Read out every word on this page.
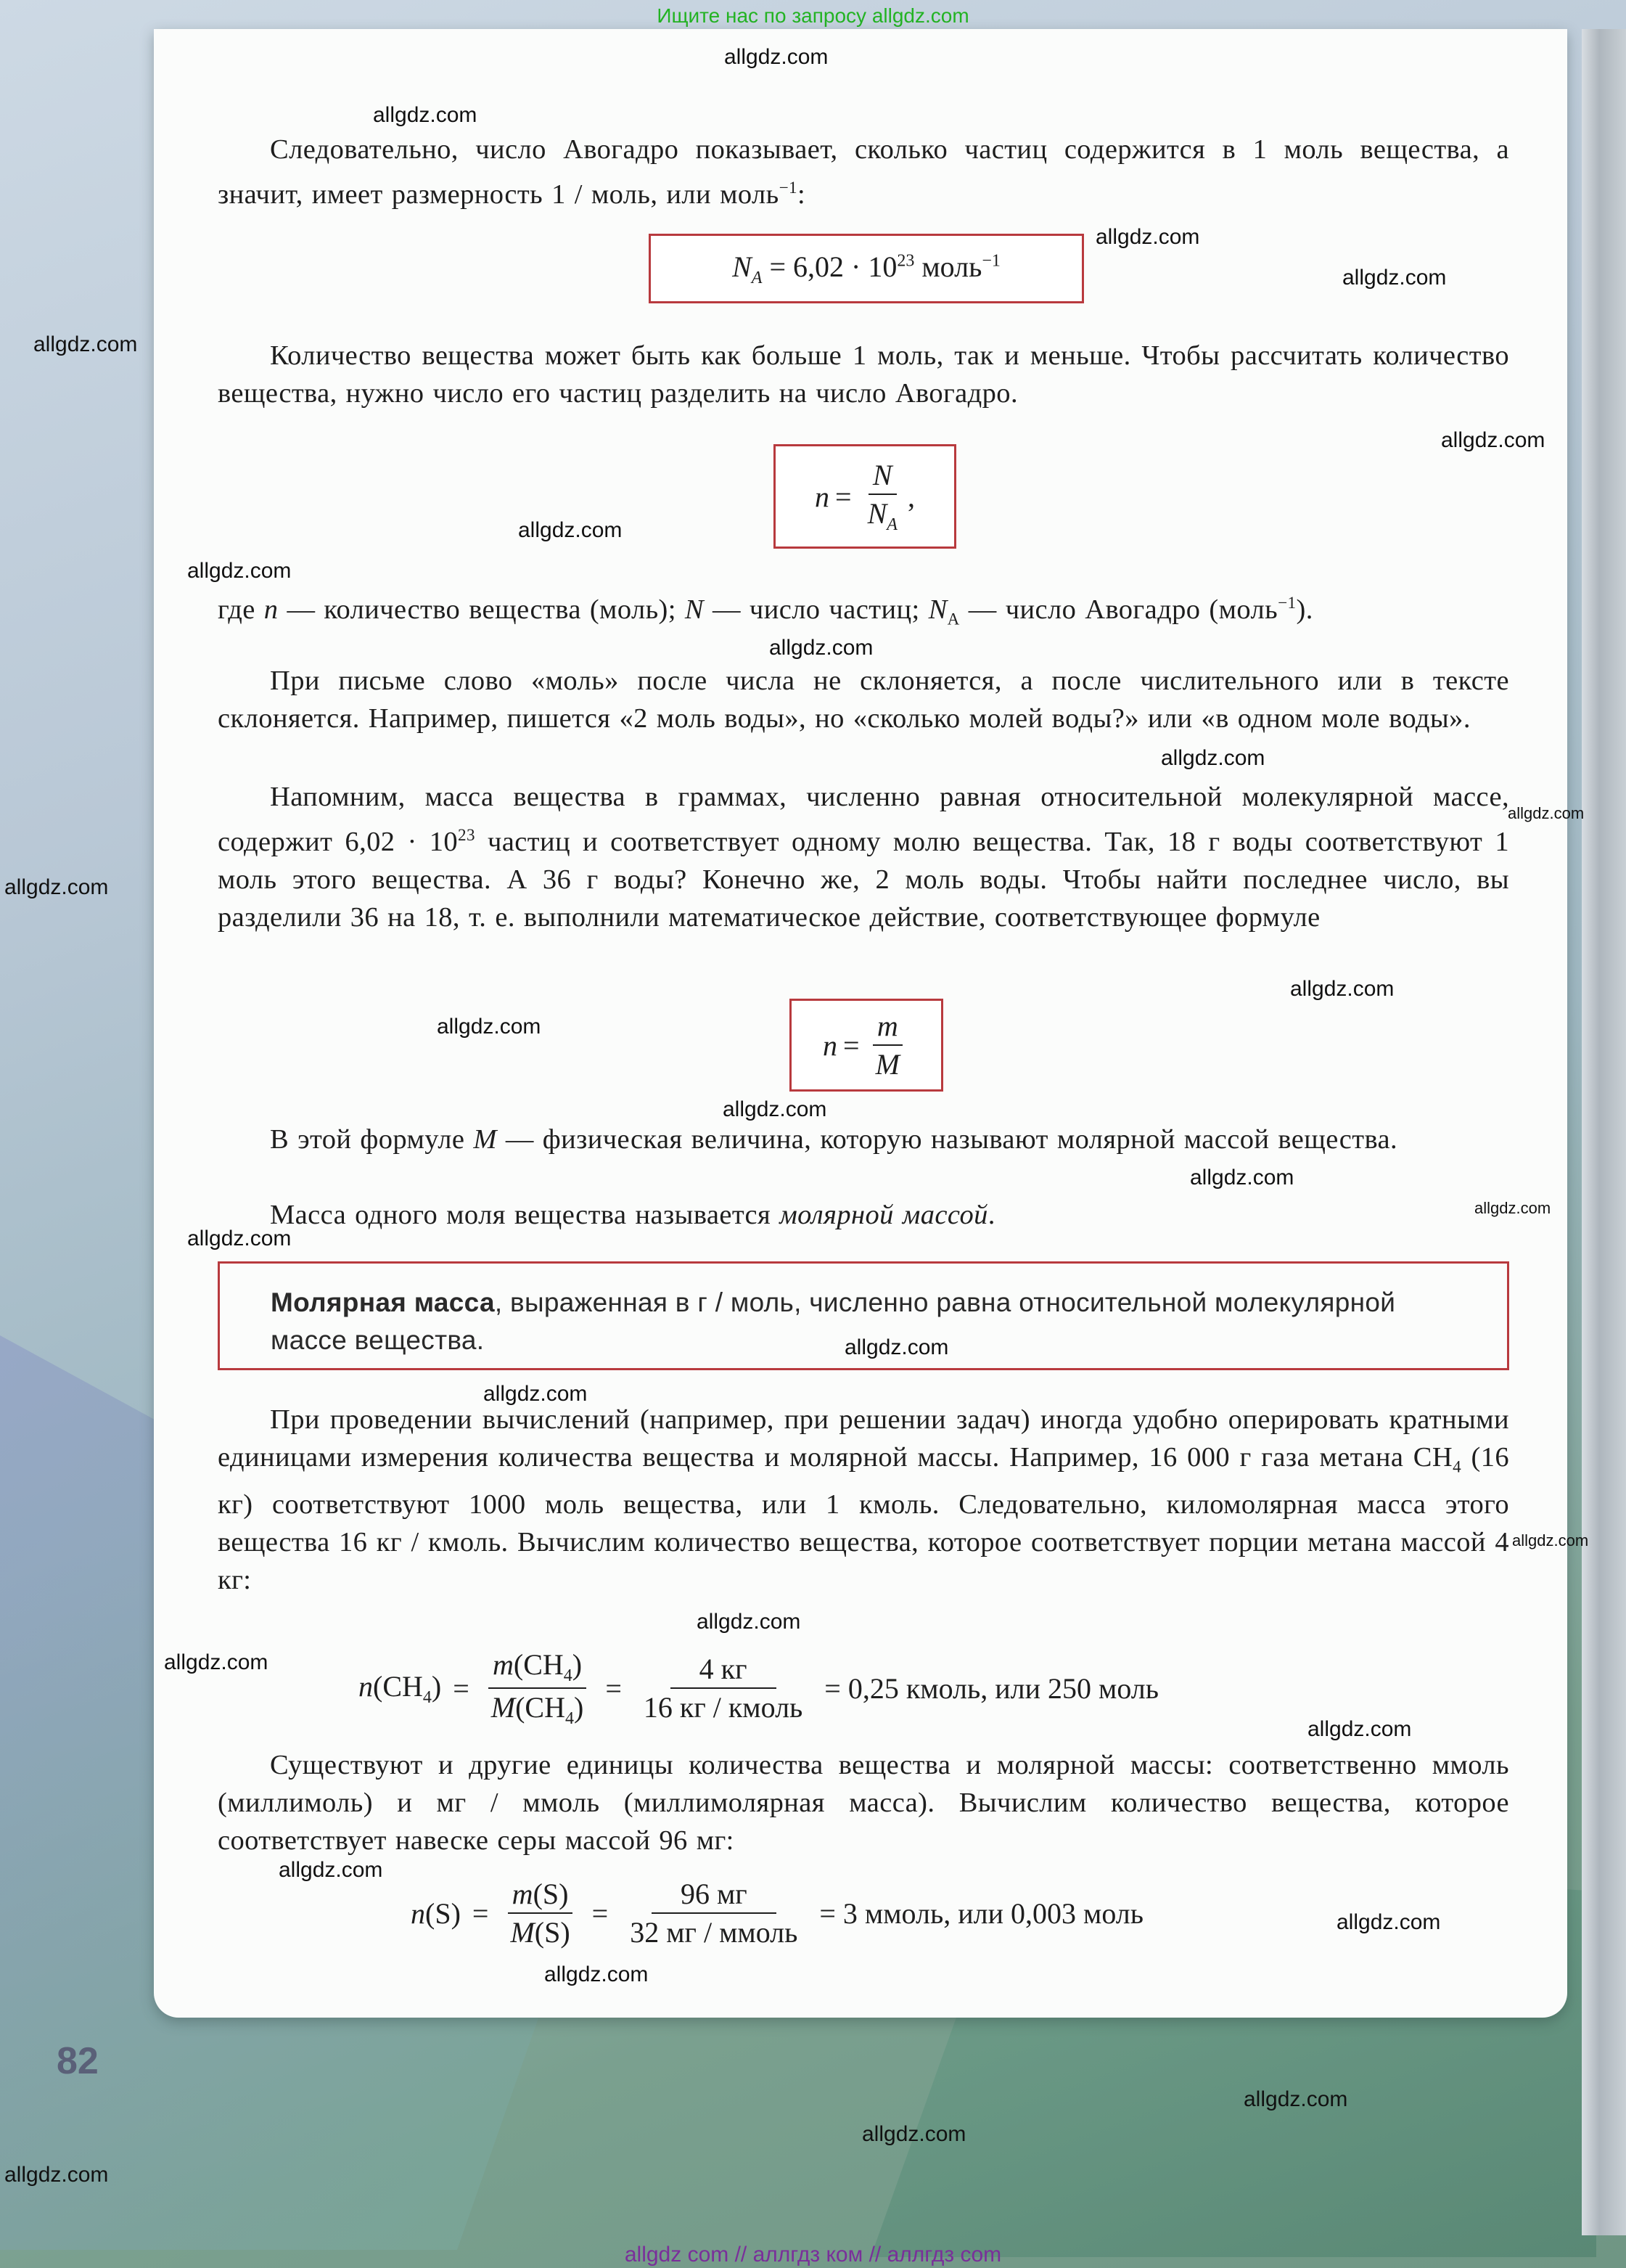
Ищите нас по запросу allgdz.com
Следовательно, число Авогадро показывает, сколько частиц содержится в 1 моль вещества, а значит, имеет размерность 1 / моль, или моль$^{-1}$:
$N_A = 6,02 \cdot 10^{23}$ моль$^{-1}$
Количество вещества может быть как больше 1 моль, так и меньше. Чтобы рассчитать количество вещества, нужно число его частиц разделить на число Авогадро.
$n = \frac{N}{N_A}$ ,
где n — количество вещества (моль); N — число частиц; $N_A$ — число Авогадро (моль$^{-1}$).
При письме слово «моль» после числа не склоняется, а после числительного или в тексте склоняется. Например, пишется «2 моль воды», но «сколько молей воды?» или «в одном моле воды».
Напомним, масса вещества в граммах, численно равная относительной молекулярной массе, содержит $6,02 \cdot 10^{23}$ частиц и соответствует одному молю вещества. Так, 18 г воды соответствуют 1 моль этого вещества. А 36 г воды? Конечно же, 2 моль воды. Чтобы найти последнее число, вы разделили 36 на 18, т. е. выполнили математическое действие, соответствующее формуле
$n = \frac{m}{M}$
В этой формуле M — физическая величина, которую называют молярной массой вещества.
Масса одного моля вещества называется молярной массой.
Молярная масса, выраженная в г / моль, численно равна относительной молекулярной массе вещества.
При проведении вычислений (например, при решении задач) иногда удобно оперировать кратными единицами измерения количества вещества и молярной массы. Например, 16 000 г газа метана $CH_4$ (16 кг) соответствуют 1000 моль вещества, или 1 кмоль. Следовательно, киломолярная масса этого вещества 16 кг / кмоль. Вычислим количество вещества, которое соответствует порции метана массой 4 кг:
$n(CH_4) = \frac{m(CH_4)}{M(CH_4)} = \frac{4 кг}{\text{16 кг / кмоль}} = 0,25$ кмоль, или 250 моль
Существуют и другие единицы количества вещества и молярной массы: соответственно ммоль (миллимоль) и мг / ммоль (миллимолярная масса). Вычислим количество вещества, которое соответствует навеске серы массой 96 мг:
$n(S) = \frac{m(S)}{M(S)} = \frac{96 мг}{\text{32 мг / ммоль}} = 3$ ммоль, или 0,003 моль
82
allgdz.com
allgdz.com
allgdz.com
allgdz.com
allgdz.com
allgdz.com
allgdz.com
allgdz.com
allgdz.com
allgdz.com
allgdz.com
allgdz.com
allgdz.com
allgdz.com
allgdz.com
allgdz.com
allgdz.com
allgdz.com
allgdz.com
allgdz.com
allgdz.com
allgdz.com
allgdz.com
allgdz.com
allgdz.com
allgdz.com
allgdz.com
allgdz.com
allgdz.com
allgdz.com
allgdz com // аллгдз ком // аллгдз com
